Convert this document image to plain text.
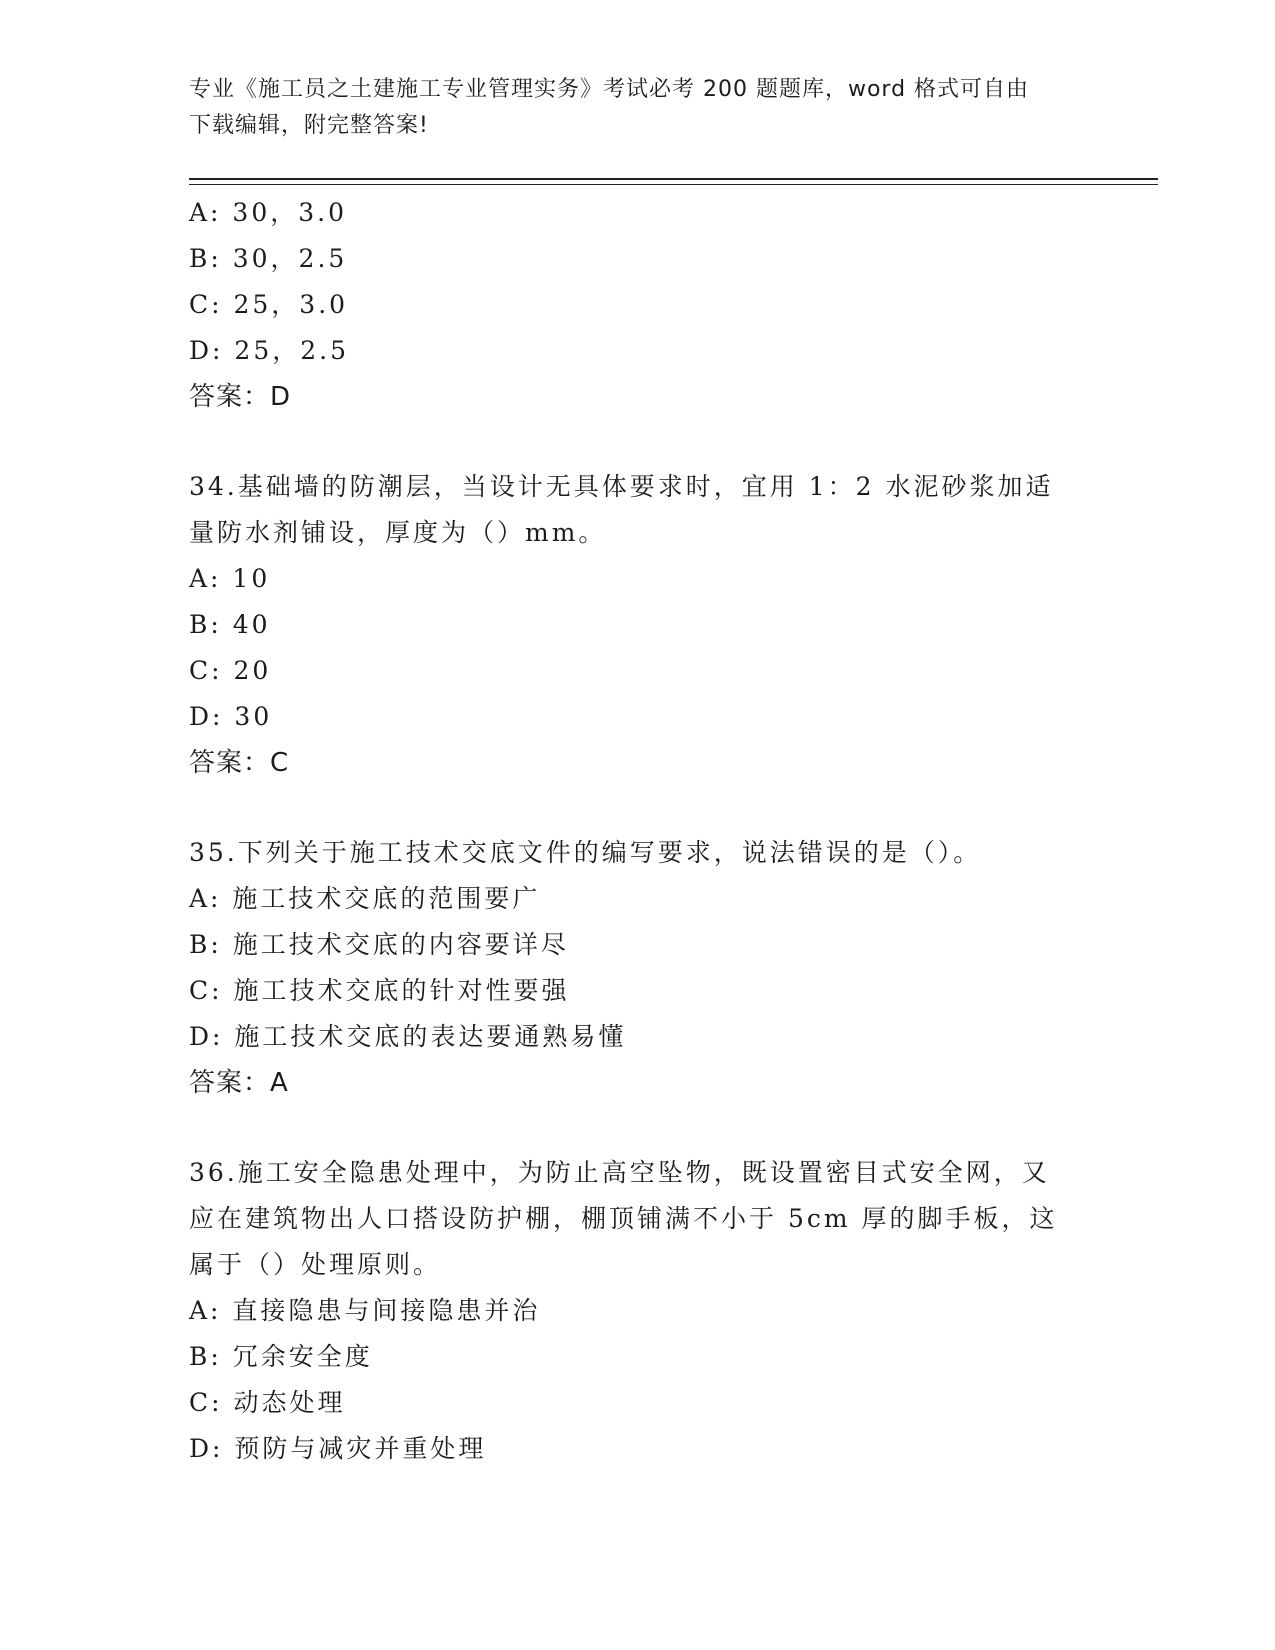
专业《施工员之土建施工专业管理实务》考试必考 200 题题库，word 格式可自由
下载编辑，附完整答案!
A: 30，3.0
B: 30，2.5
C: 25，3.0
D: 25，2.5
答案：D
34.基础墙的防潮层，当设计无具体要求时，宜用 1：2 水泥砂浆加适
量防水剂铺设，厚度为（）mm。
A: 10
B: 40
C: 20
D: 30
答案：C
35.下列关于施工技术交底文件的编写要求，说法错误的是（）。
A: 施工技术交底的范围要广
B: 施工技术交底的内容要详尽
C: 施工技术交底的针对性要强
D: 施工技术交底的表达要通熟易懂
答案：A
36.施工安全隐患处理中，为防止高空坠物，既设置密目式安全网，又
应在建筑物出人口搭设防护棚，棚顶铺满不小于 5cm 厚的脚手板，这
属于（）处理原则。
A: 直接隐患与间接隐患并治
B: 冗余安全度
C: 动态处理
D: 预防与减灾并重处理
